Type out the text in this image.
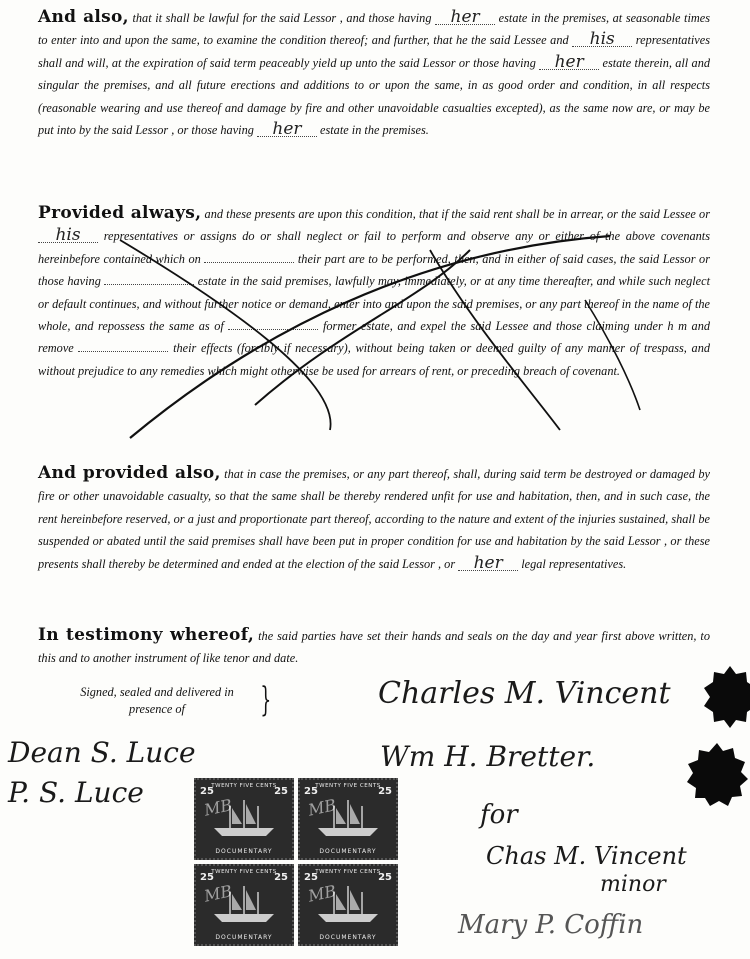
And also, that it shall be lawful for the said Lessor , and those having her estate in the premises, at seasonable times to enter into and upon the same, to examine the condition thereof; and further, that he the said Lessee and his representatives shall and will, at the expiration of said term peaceably yield up unto the said Lessor or those having her estate therein, all and singular the premises, and all future erections and additions to or upon the same, in as good order and condition, in all respects (reasonable wearing and use thereof and damage by fire and other unavoidable casualties excepted), as the same now are, or may be put into by the said Lessor , or those having her estate in the premises.
Provided always, and these presents are upon this condition, that if the said rent shall be in arrear, or the said Lessee or his representatives or assigns do or shall neglect or fail to perform and observe any or either of the above covenants hereinbefore contained which on	their part are to be performed, then, and in either of said cases, the said Lessor or those having	estate in the said premises, lawfully may, immediately, or at any time thereafter, and while such neglect or default continues, and without further notice or demand, enter into and upon the said premises, or any part thereof in the name of the whole, and repossess the same as of	former estate, and expel the said Lessee and those claiming under h m and remove	their effects (forcibly if necessary), without being taken or deemed guilty of any manner of trespass, and without prejudice to any remedies which might otherwise be used for arrears of rent, or preceding breach of covenant.
And provided also, that in case the premises, or any part thereof, shall, during said term be destroyed or damaged by fire or other unavoidable casualty, so that the same shall be thereby rendered unfit for use and habitation, then, and in such case, the rent hereinbefore reserved, or a just and proportionate part thereof, according to the nature and extent of the injuries sustained, shall be suspended or abated until the said premises shall have been put in proper condition for use and habitation by the said Lessor , or these presents shall thereby be determined and ended at the election of the said Lessor , or her legal representatives.
In testimony whereof, the said parties have set their hands and seals on the day and year first above written, to this and to another instrument of like tenor and date.
Signed, sealed and delivered in presence of	}	Charles M. Vincent
Wm H. Bretter.
for
Chas M. Vincent
minor
Mary P. Coffin
Dean S. Luce
P. S. Luce	TWENTY FIVE CENTS
25	25
MB
DOCUMENTARY
TWENTY FIVE CENTS
25	25
MB
DOCUMENTARY
TWENTY FIVE CENTS
25	25
MB
DOCUMENTARY
TWENTY FIVE CENTS
25	25
MB
DOCUMENTARY
